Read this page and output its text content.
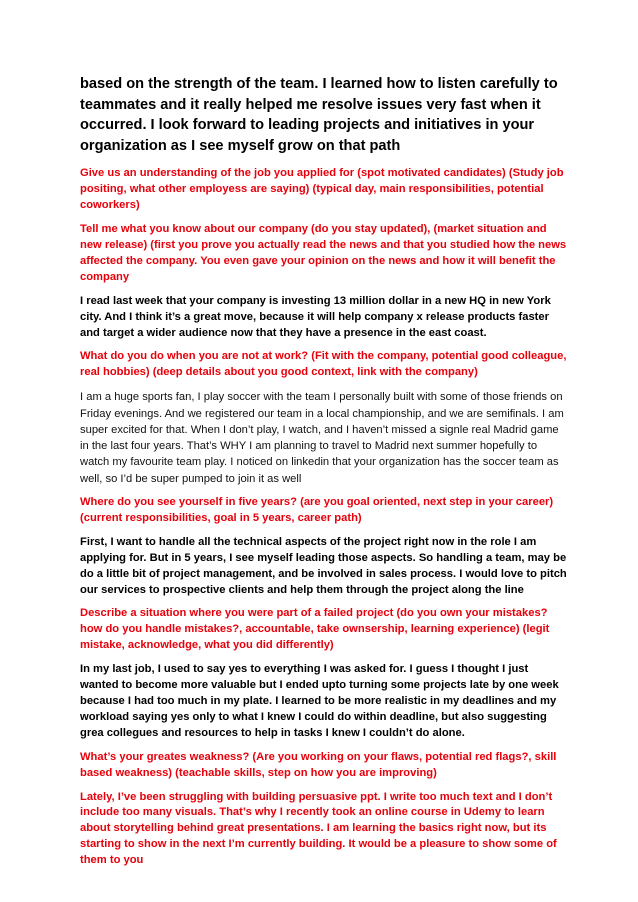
based on the strength of the team. I learned how to listen carefully to teammates and it really helped me resolve issues very fast when it occurred. I look forward to leading projects and initiatives in your organization as I see myself grow on that path

Give us an understanding of the job you applied for (spot motivated candidates) (Study job positing, what other employess are saying) (typical day, main responsibilities, potential coworkers)

Tell me what you know about our company (do you stay updated), (market situation and new release) (first you prove you actually read the news and that you studied how the news affected the company. You even gave your opinion on the news and how it will benefit the company

I read last week that your company is investing 13 million dollar in a new HQ in new York city. And I think it’s a great move, because it will help company x release products faster and target a wider audience now that they have a presence in the east coast.

What do you do when you are not at work? (Fit with the company, potential good colleague, real hobbies) (deep details about you good context, link with the company)

I am a huge sports fan, I play soccer with the team I personally built with some of those friends on Friday evenings. And we registered our team in a local championship, and we are semifinals. I am super excited for that. When I don’t play, I watch, and I haven’t missed a signle real Madrid game in the last four years. That’s WHY I am planning to travel to Madrid next summer hopefully to watch my favourite team play. I noticed on linkedin that your organization has the soccer team as well, so I’d be super pumped to join it as well

Where do you see yourself in five years? (are you goal oriented, next step in your career) (current responsibilities, goal in 5 years, career path)

First, I want to handle all the technical aspects of the project right now in the role I am applying for. But in 5 years, I see myself leading those aspects. So handling a team, may be do a little bit of project management, and be involved in sales process. I would love to pitch our services to prospective clients and help them through the project along the line

Describe a situation where you were part of a failed project (do you own your mistakes? how do you handle mistakes?, accountable, take ownsership, learning experience) (legit mistake, acknowledge, what you did differently)

In my last job, I used to say yes to everything I was asked for. I guess I thought I just wanted to become more valuable but I ended upto turning some projects late by one week because I had too much in my plate. I learned to be more realistic in my deadlines and my workload saying yes only to what I knew I could do within deadline, but also suggesting grea collegues and resources to help in tasks I knew I couldn’t do alone.

What’s your greates weakness? (Are you working on your flaws, potential red flags?, skill based weakness) (teachable skills, step on how you are improving)

Lately, I’ve been struggling with building persuasive ppt. I write too much text and I don’t include too many visuals. That’s why I recently took an online course in Udemy to learn about storytelling behind great presentations. I am learning the basics right now, but its starting to show in the next I’m currently building. It would be a pleasure to show some of them to you
